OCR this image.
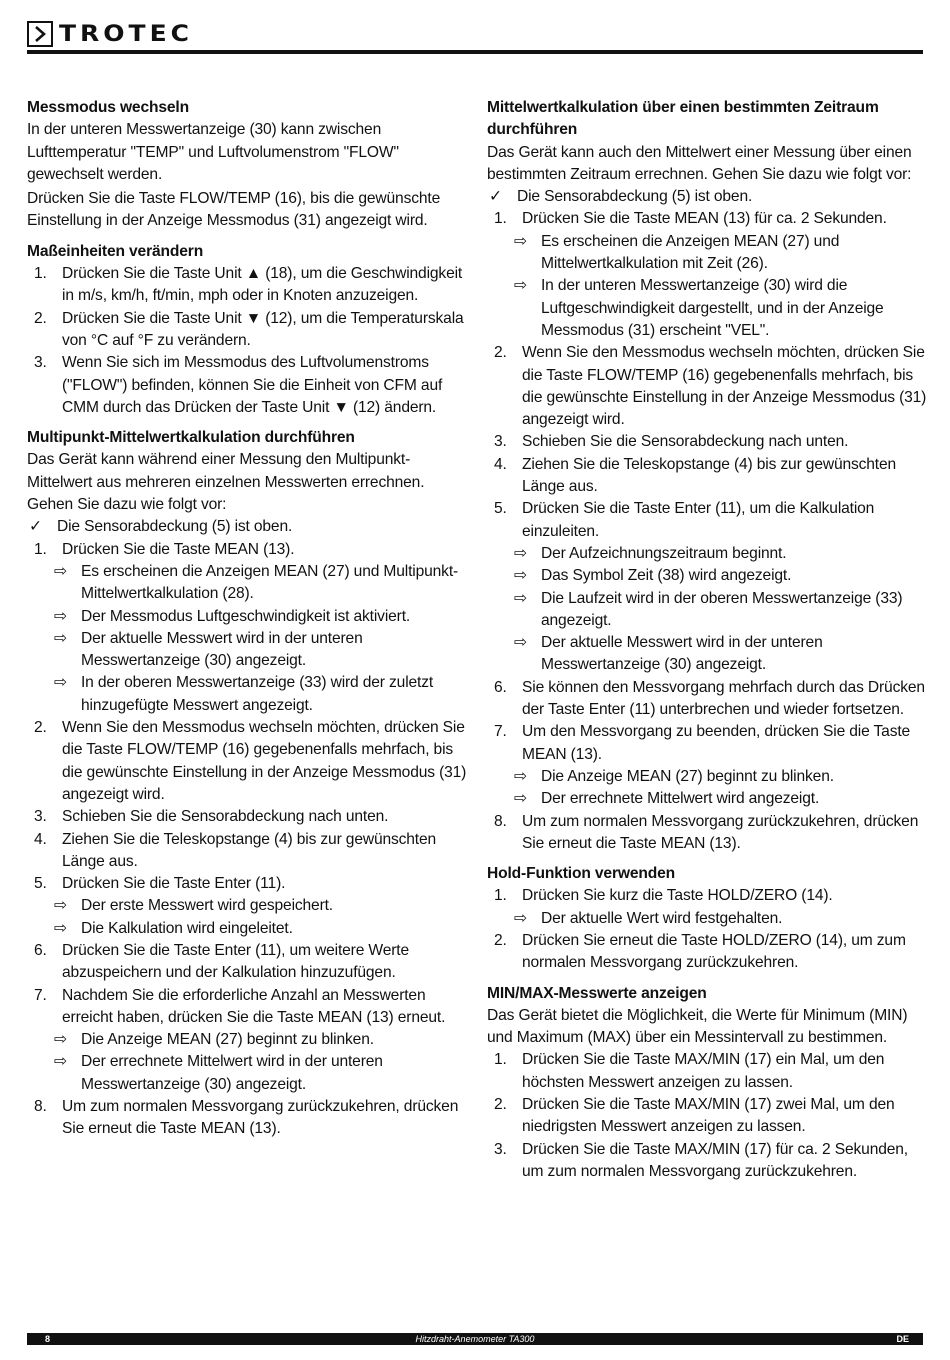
TROTEC
Messmodus wechseln

In der unteren Messwertanzeige (30) kann zwischen Lufttemperatur "TEMP" und Luftvolumenstrom "FLOW" gewechselt werden.

Drücken Sie die Taste FLOW/TEMP (16), bis die gewünschte Einstellung in der Anzeige Messmodus (31) angezeigt wird.

Maßeinheiten verändern
1. Drücken Sie die Taste Unit ▲ (18), um die Geschwindigkeit in m/s, km/h, ft/min, mph oder in Knoten anzuzeigen.
2. Drücken Sie die Taste Unit ▼ (12), um die Temperaturskala von °C auf °F zu verändern.
3. Wenn Sie sich im Messmodus des Luftvolumenstroms ("FLOW") befinden, können Sie die Einheit von CFM auf CMM durch das Drücken der Taste Unit ▼ (12) ändern.
Multipunkt-Mittelwertkalkulation durchführen

Das Gerät kann während einer Messung den Multipunkt-Mittelwert aus mehreren einzelnen Messwerten errechnen. Gehen Sie dazu wie folgt vor:

✓ Die Sensorabdeckung (5) ist oben.
1. Drücken Sie die Taste MEAN (13).
⇨ Es erscheinen die Anzeigen MEAN (27) und Multipunkt-Mittelwertkalkulation (28).
⇨ Der Messmodus Luftgeschwindigkeit ist aktiviert.
⇨ Der aktuelle Messwert wird in der unteren Messwertanzeige (30) angezeigt.
⇨ In der oberen Messwertanzeige (33) wird der zuletzt hinzugefügte Messwert angezeigt.
2. Wenn Sie den Messmodus wechseln möchten, drücken Sie die Taste FLOW/TEMP (16) gegebenenfalls mehrfach, bis die gewünschte Einstellung in der Anzeige Messmodus (31) angezeigt wird.
3. Schieben Sie die Sensorabdeckung nach unten.
4. Ziehen Sie die Teleskopstange (4) bis zur gewünschten Länge aus.
5. Drücken Sie die Taste Enter (11).
⇨ Der erste Messwert wird gespeichert.
⇨ Die Kalkulation wird eingeleitet.
6. Drücken Sie die Taste Enter (11), um weitere Werte abzuspeichern und der Kalkulation hinzuzufügen.
7. Nachdem Sie die erforderliche Anzahl an Messwerten erreicht haben, drücken Sie die Taste MEAN (13) erneut.
⇨ Die Anzeige MEAN (27) beginnt zu blinken.
⇨ Der errechnete Mittelwert wird in der unteren Messwertanzeige (30) angezeigt.
8. Um zum normalen Messvorgang zurückzukehren, drücken Sie erneut die Taste MEAN (13).
Mittelwertkalkulation über einen bestimmten Zeitraum durchführen

Das Gerät kann auch den Mittelwert einer Messung über einen bestimmten Zeitraum errechnen. Gehen Sie dazu wie folgt vor:

✓ Die Sensorabdeckung (5) ist oben.
1. Drücken Sie die Taste MEAN (13) für ca. 2 Sekunden.
⇨ Es erscheinen die Anzeigen MEAN (27) und Mittelwertkalkulation mit Zeit (26).
⇨ In der unteren Messwertanzeige (30) wird die Luftgeschwindigkeit dargestellt, und in der Anzeige Messmodus (31) erscheint "VEL".
2. Wenn Sie den Messmodus wechseln möchten, drücken Sie die Taste FLOW/TEMP (16) gegebenenfalls mehrfach, bis die gewünschte Einstellung in der Anzeige Messmodus (31) angezeigt wird.
3. Schieben Sie die Sensorabdeckung nach unten.
4. Ziehen Sie die Teleskopstange (4) bis zur gewünschten Länge aus.
5. Drücken Sie die Taste Enter (11), um die Kalkulation einzuleiten.
⇨ Der Aufzeichnungszeitraum beginnt.
⇨ Das Symbol Zeit (38) wird angezeigt.
⇨ Die Laufzeit wird in der oberen Messwertanzeige (33) angezeigt.
⇨ Der aktuelle Messwert wird in der unteren Messwertanzeige (30) angezeigt.
6. Sie können den Messvorgang mehrfach durch das Drücken der Taste Enter (11) unterbrechen und wieder fortsetzen.
7. Um den Messvorgang zu beenden, drücken Sie die Taste MEAN (13).
⇨ Die Anzeige MEAN (27) beginnt zu blinken.
⇨ Der errechnete Mittelwert wird angezeigt.
8. Um zum normalen Messvorgang zurückzukehren, drücken Sie erneut die Taste MEAN (13).
Hold-Funktion verwenden
1. Drücken Sie kurz die Taste HOLD/ZERO (14).
⇨ Der aktuelle Wert wird festgehalten.
2. Drücken Sie erneut die Taste HOLD/ZERO (14), um zum normalen Messvorgang zurückzukehren.
MIN/MAX-Messwerte anzeigen

Das Gerät bietet die Möglichkeit, die Werte für Minimum (MIN) und Maximum (MAX) über ein Messintervall zu bestimmen.

1. Drücken Sie die Taste MAX/MIN (17) ein Mal, um den höchsten Messwert anzeigen zu lassen.
2. Drücken Sie die Taste MAX/MIN (17) zwei Mal, um den niedrigsten Messwert anzeigen zu lassen.
3. Drücken Sie die Taste MAX/MIN (17) für ca. 2 Sekunden, um zum normalen Messvorgang zurückzukehren.
8	Hitzdraht-Anemometer TA300	DE
